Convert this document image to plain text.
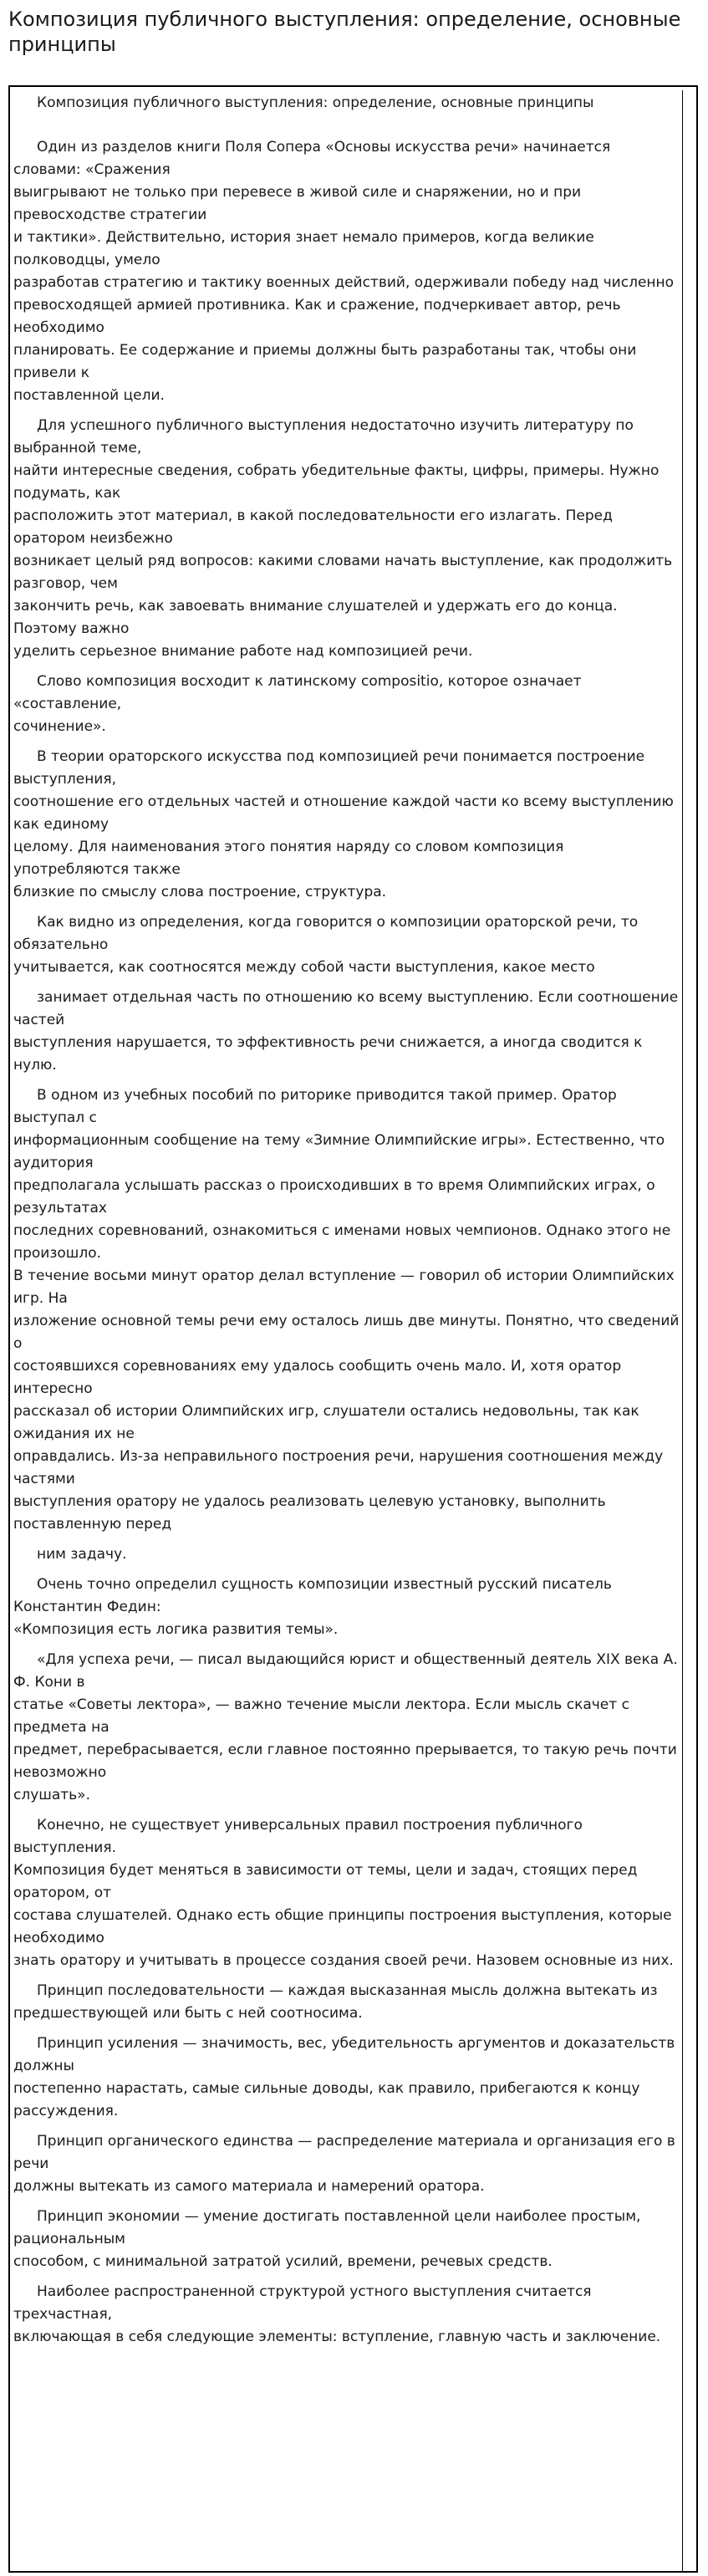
Композиция публичного выступления: определение, основные принципы
Композиция публичного выступления: определение, основные принципы
Один из разделов книги Поля Сопера «Основы искусства речи» начинается словами: «Сражения
выигрывают не только при перевесе в живой силе и снаряжении, но и при превосходстве стратегии
и тактики». Действительно, история знает немало примеров, когда великие полководцы, умело
разработав стратегию и тактику военных действий, одерживали победу над численно
превосходящей армией противника. Как и сражение, подчеркивает автор, речь необходимо
планировать. Ее содержание и приемы должны быть разработаны так, чтобы они привели к
поставленной цели.
Для успешного публичного выступления недостаточно изучить литературу по выбранной теме,
найти интересные сведения, собрать убедительные факты, цифры, примеры. Нужно подумать, как
расположить этот материал, в какой последовательности его излагать. Перед оратором неизбежно
возникает целый ряд вопросов: какими словами начать выступление, как продолжить разговор, чем
закончить речь, как завоевать внимание слушателей и удержать его до конца. Поэтому важно
уделить серьезное внимание работе над композицией речи.
Слово композиция восходит к латинскому compositio, которое означает «составление,
сочинение».
В теории ораторского искусства под композицией речи понимается построение выступления,
соотношение его отдельных частей и отношение каждой части ко всему выступлению как единому
целому. Для наименования этого понятия наряду со словом композиция употребляются также
близкие по смыслу слова построение, структура.
Как видно из определения, когда говорится о композиции ораторской речи, то обязательно
учитывается, как соотносятся между собой части выступления, какое место
занимает отдельная часть по отношению ко всему выступлению. Если соотношение частей
выступления нарушается, то эффективность речи снижается, а иногда сводится к нулю.
В одном из учебных пособий по риторике приводится такой пример. Оратор выступал с
информационным сообщение на тему «Зимние Олимпийские игры». Естественно, что аудитория
предполагала услышать рассказ о происходивших в то время Олимпийских играх, о результатах
последних соревнований, ознакомиться с именами новых чемпионов. Однако этого не произошло.
В течение восьми минут оратор делал вступление — говорил об истории Олимпийских игр. На
изложение основной темы речи ему осталось лишь две минуты. Понятно, что сведений о
состоявшихся соревнованиях ему удалось сообщить очень мало. И, хотя оратор интересно
рассказал об истории Олимпийских игр, слушатели остались недовольны, так как ожидания их не
оправдались. Из-за неправильного построения речи, нарушения соотношения между частями
выступления оратору не удалось реализовать целевую установку, выполнить поставленную перед
ним задачу.
Очень точно определил сущность композиции известный русский писатель Константин Федин:
«Композиция есть логика развития темы».
«Для успеха речи, — писал выдающийся юрист и общественный деятель XIX века А. Ф. Кони в
статье «Советы лектора», — важно течение мысли лектора. Если мысль скачет с предмета на
предмет, перебрасывается, если главное постоянно прерывается, то такую речь почти невозможно
слушать».
Конечно, не существует универсальных правил построения публичного выступления.
Композиция будет меняться в зависимости от темы, цели и задач, стоящих перед оратором, от
состава слушателей. Однако есть общие принципы построения выступления, которые необходимо
знать оратору и учитывать в процессе создания своей речи. Назовем основные из них.
Принцип последовательности — каждая высказанная мысль должна вытекать из
предшествующей или быть с ней соотносима.
Принцип усиления — значимость, вес, убедительность аргументов и доказательств должны
постепенно нарастать, самые сильные доводы, как правило, прибегаются к концу рассуждения.
Принцип органического единства — распределение материала и организация его в речи
должны вытекать из самого материала и намерений оратора.
Принцип экономии — умение достигать поставленной цели наиболее простым, рациональным
способом, с минимальной затратой усилий, времени, речевых средств.
Наиболее распространенной структурой устного выступления считается трехчастная,
включающая в себя следующие элементы: вступление, главную часть и заключение.
